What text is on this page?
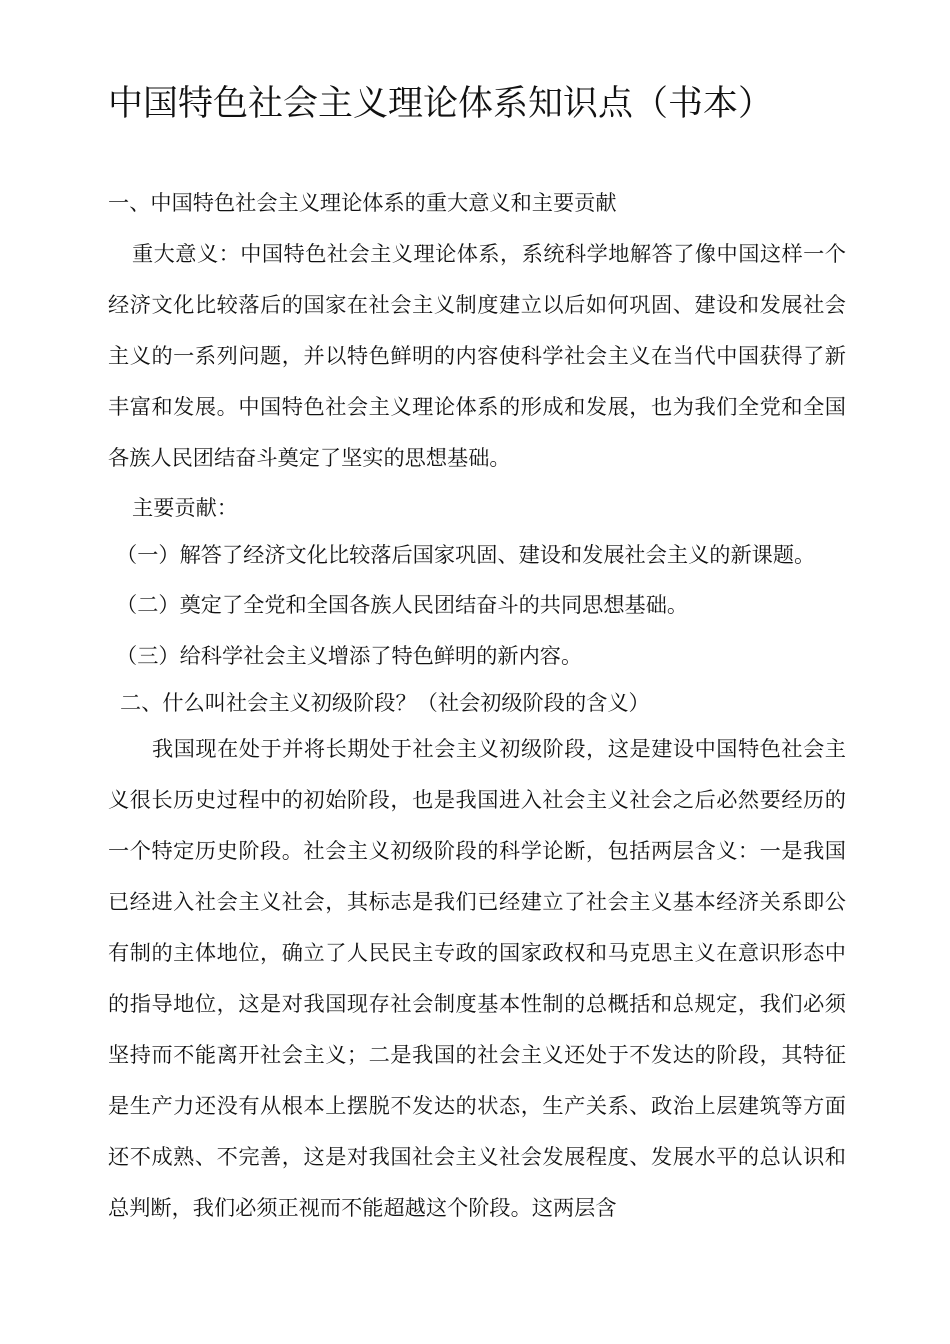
中国特色社会主义理论体系知识点（书本）
一、中国特色社会主义理论体系的重大意义和主要贡献
重大意义：中国特色社会主义理论体系，系统科学地解答了像中国这样一个经济文化比较落后的国家在社会主义制度建立以后如何巩固、建设和发展社会主义的一系列问题，并以特色鲜明的内容使科学社会主义在当代中国获得了新丰富和发展。中国特色社会主义理论体系的形成和发展，也为我们全党和全国各族人民团结奋斗奠定了坚实的思想基础。
主要贡献：
（一）解答了经济文化比较落后国家巩固、建设和发展社会主义的新课题。
（二）奠定了全党和全国各族人民团结奋斗的共同思想基础。
（三）给科学社会主义增添了特色鲜明的新内容。
二、什么叫社会主义初级阶段？（社会初级阶段的含义）
我国现在处于并将长期处于社会主义初级阶段，这是建设中国特色社会主义很长历史过程中的初始阶段，也是我国进入社会主义社会之后必然要经历的一个特定历史阶段。社会主义初级阶段的科学论断，包括两层含义：一是我国已经进入社会主义社会，其标志是我们已经建立了社会主义基本经济关系即公有制的主体地位，确立了人民民主专政的国家政权和马克思主义在意识形态中的指导地位，这是对我国现存社会制度基本性制的总概括和总规定，我们必须坚持而不能离开社会主义；二是我国的社会主义还处于不发达的阶段，其特征是生产力还没有从根本上摆脱不发达的状态，生产关系、政治上层建筑等方面还不成熟、不完善，这是对我国社会主义社会发展程度、发展水平的总认识和总判断，我们必须正视而不能超越这个阶段。这两层含
